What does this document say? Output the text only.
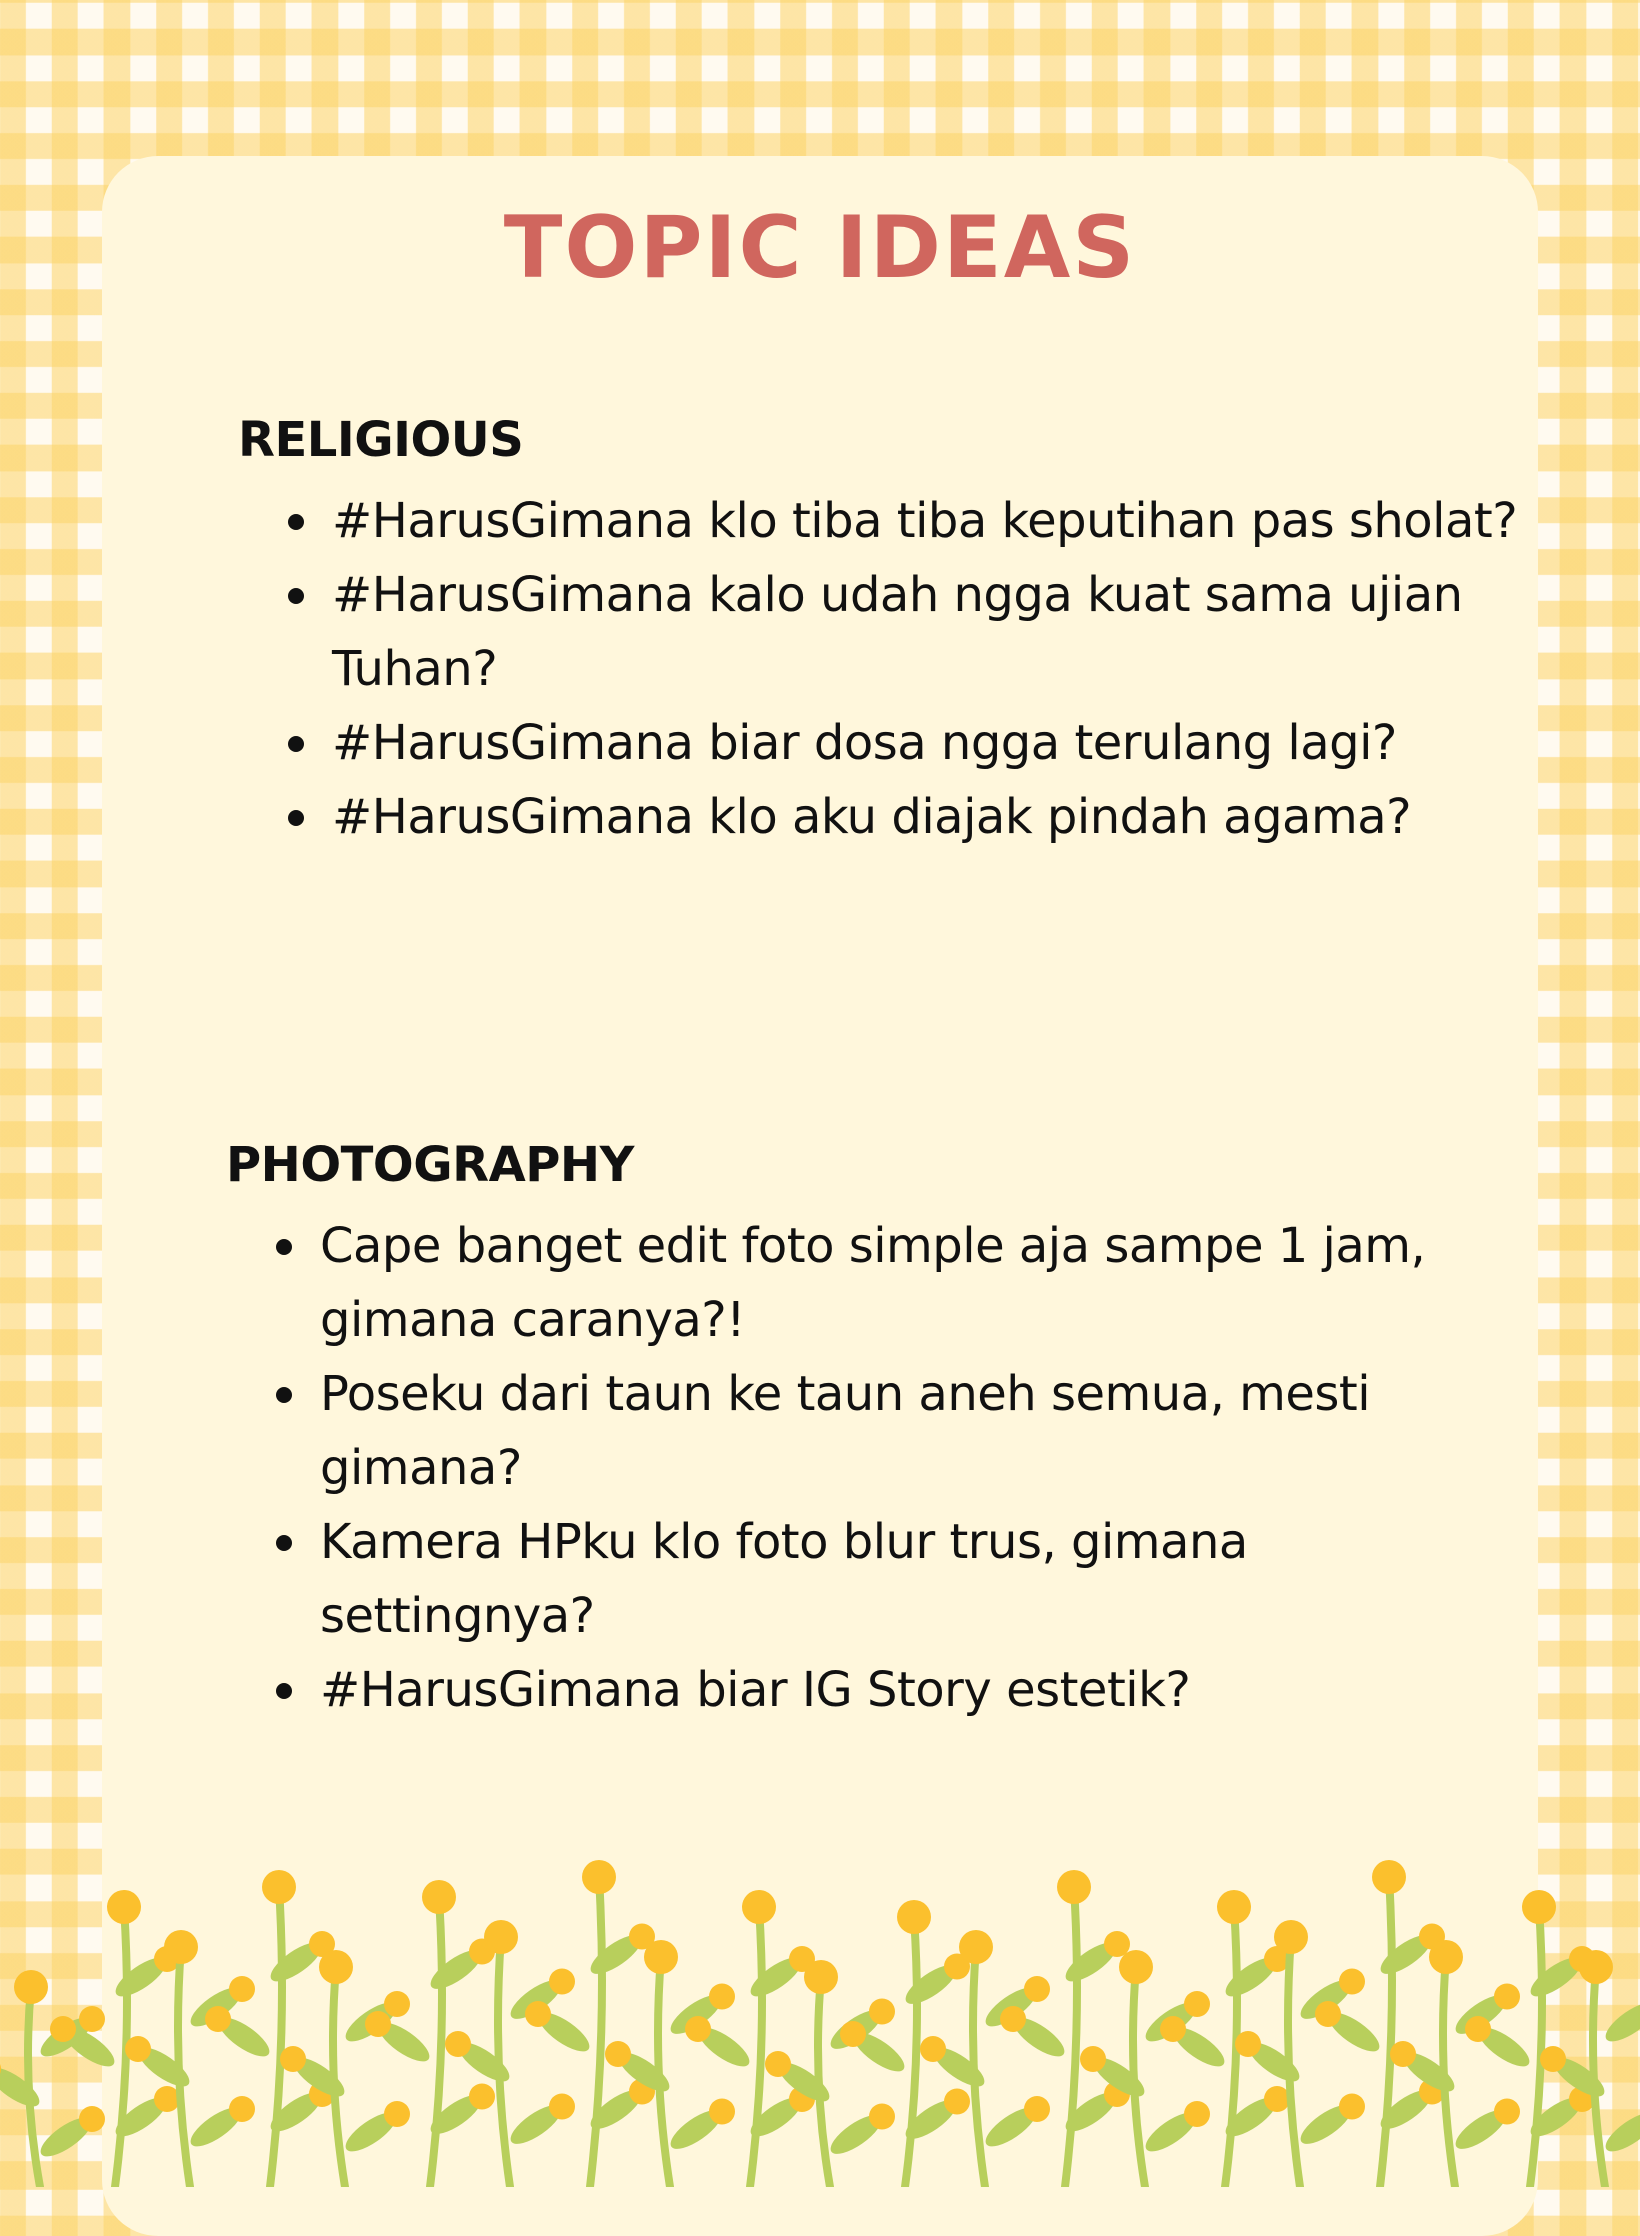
TOPIC IDEAS
RELIGIOUS
#HarusGimana klo tiba tiba keputihan pas sholat?
#HarusGimana kalo udah ngga kuat sama ujian Tuhan?
#HarusGimana biar dosa ngga terulang lagi?
#HarusGimana klo aku diajak pindah agama?
PHOTOGRAPHY
Cape banget edit foto simple aja sampe 1 jam, gimana caranya?!
Poseku dari taun ke taun aneh semua, mesti gimana?
Kamera HPku klo foto blur trus, gimana settingnya?
#HarusGimana biar IG Story estetik?
